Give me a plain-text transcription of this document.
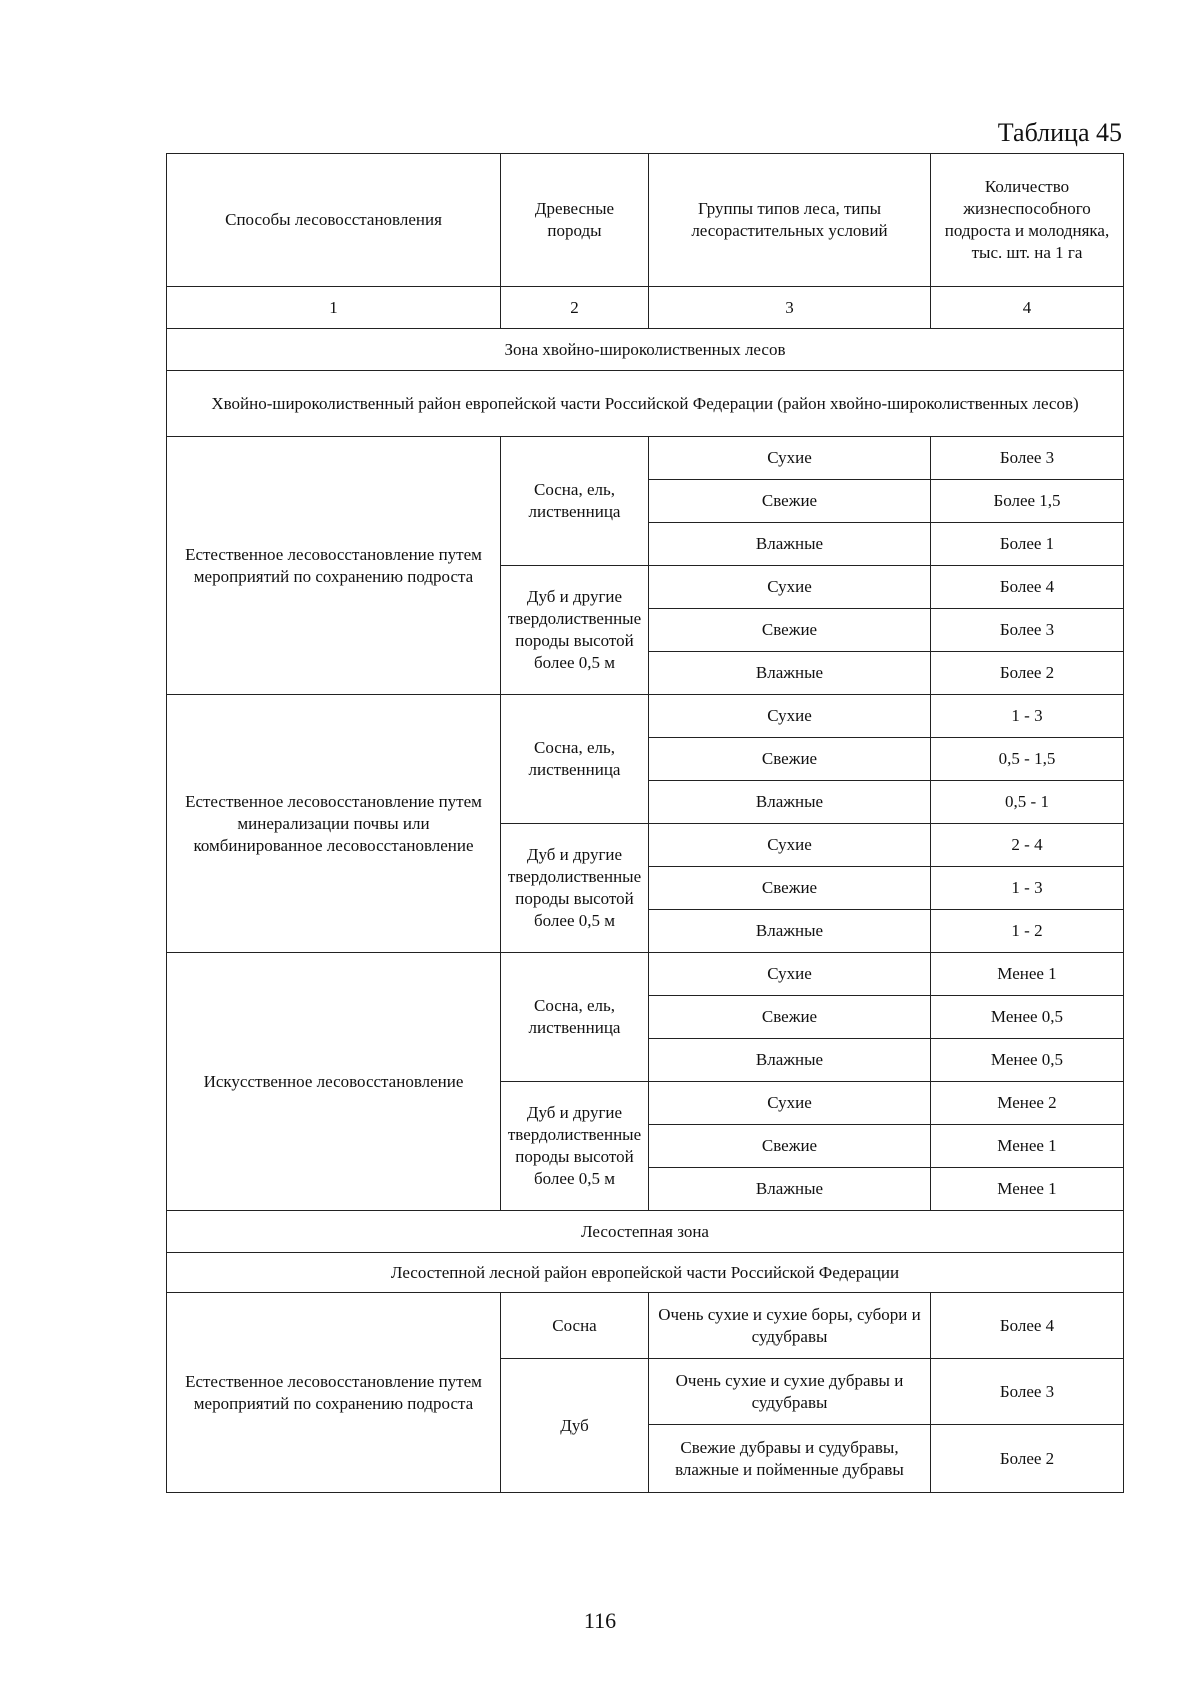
Таблица 45
Способы лесовосстановления	Древесные породы	Группы типов леса, типы лесорастительных условий	Количество жизнеспособного подроста и молодняка, тыс. шт. на 1 га
1	2	3	4
Зона хвойно-широколиственных лесов			
Хвойно-широколиственный район европейской части Российской Федерации (район хвойно-широколиственных лесов)			
Естественное лесовосстановление путем мероприятий по сохранению подроста	Сосна, ель, лиственница	Сухие	Более 3
		Свежие	Более 1,5
		Влажные	Более 1
	Дуб и другие твердолиственные породы высотой более 0,5 м	Сухие	Более 4
		Свежие	Более 3
		Влажные	Более 2
Естественное лесовосстановление путем минерализации почвы или комбинированное лесовосстановление	Сосна, ель, лиственница	Сухие	1 - 3
		Свежие	0,5 - 1,5
		Влажные	0,5 - 1
	Дуб и другие твердолиственные породы высотой более 0,5 м	Сухие	2 - 4
		Свежие	1 - 3
		Влажные	1 - 2
Искусственное лесовосстановление	Сосна, ель, лиственница	Сухие	Менее 1
		Свежие	Менее 0,5
		Влажные	Менее 0,5
	Дуб и другие твердолиственные породы высотой более 0,5 м	Сухие	Менее 2
		Свежие	Менее 1
		Влажные	Менее 1
Лесостепная зона			
Лесостепной лесной район европейской части Российской Федерации			
Естественное лесовосстановление путем мероприятий по сохранению подроста	Сосна	Очень сухие и сухие боры, субори и судубравы	Более 4
	Дуб	Очень сухие и сухие дубравы и судубравы	Более 3
		Свежие дубравы и судубравы, влажные и пойменные дубравы	Более 2
116
